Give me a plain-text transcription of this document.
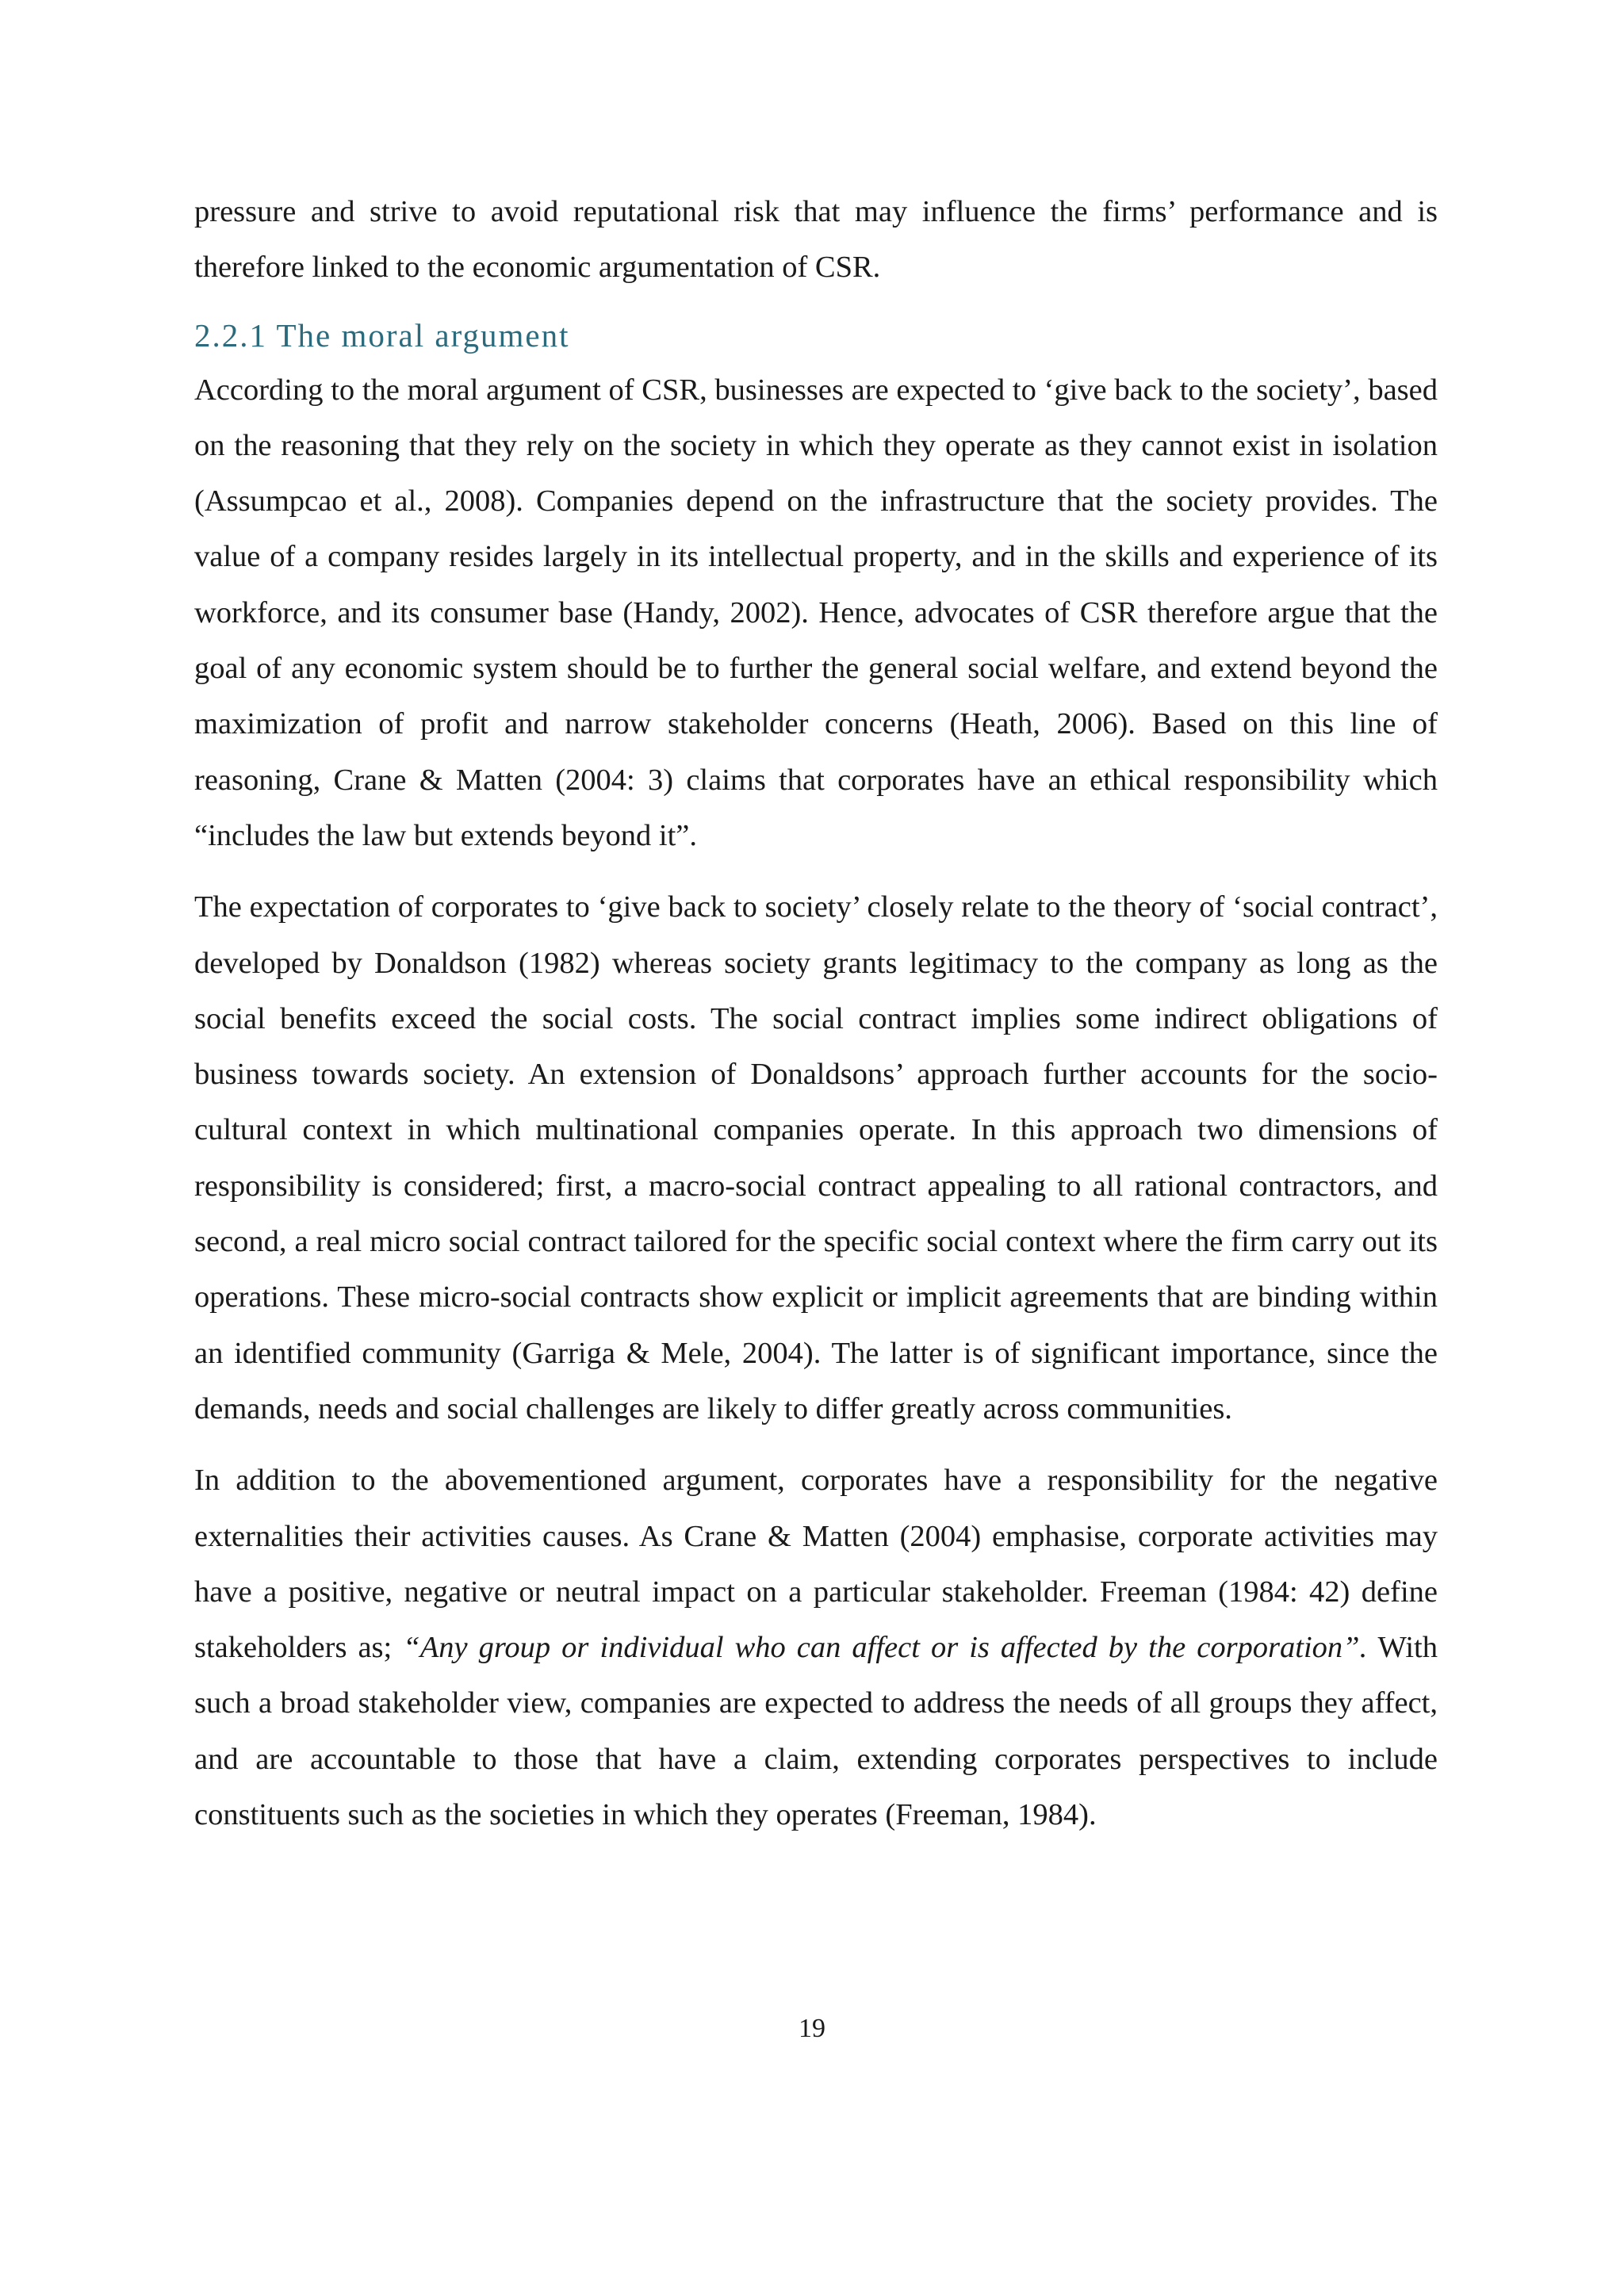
pressure and strive to avoid reputational risk that may influence the firms’ performance and is therefore linked to the economic argumentation of CSR.

2.2.1 The moral argument

According to the moral argument of CSR, businesses are expected to ‘give back to the society’, based on the reasoning that they rely on the society in which they operate as they cannot exist in isolation (Assumpcao et al., 2008). Companies depend on the infrastructure that the society provides. The value of a company resides largely in its intellectual property, and in the skills and experience of its workforce, and its consumer base (Handy, 2002). Hence, advocates of CSR therefore argue that the goal of any economic system should be to further the general social welfare, and extend beyond the maximization of profit and narrow stakeholder concerns (Heath, 2006). Based on this line of reasoning, Crane & Matten (2004: 3) claims that corporates have an ethical responsibility which “includes the law but extends beyond it”.

The expectation of corporates to ‘give back to society’ closely relate to the theory of ‘social contract’, developed by Donaldson (1982) whereas society grants legitimacy to the company as long as the social benefits exceed the social costs. The social contract implies some indirect obligations of business towards society. An extension of Donaldsons’ approach further accounts for the socio-cultural context in which multinational companies operate. In this approach two dimensions of responsibility is considered; first, a macro-social contract appealing to all rational contractors, and second, a real micro social contract tailored for the specific social context where the firm carry out its operations. These micro-social contracts show explicit or implicit agreements that are binding within an identified community (Garriga & Mele, 2004). The latter is of significant importance, since the demands, needs and social challenges are likely to differ greatly across communities.

In addition to the abovementioned argument, corporates have a responsibility for the negative externalities their activities causes. As Crane & Matten (2004) emphasise, corporate activities may have a positive, negative or neutral impact on a particular stakeholder. Freeman (1984: 42) define stakeholders as; “Any group or individual who can affect or is affected by the corporation”. With such a broad stakeholder view, companies are expected to address the needs of all groups they affect, and are accountable to those that have a claim, extending corporates perspectives to include constituents such as the societies in which they operates (Freeman, 1984).

19
